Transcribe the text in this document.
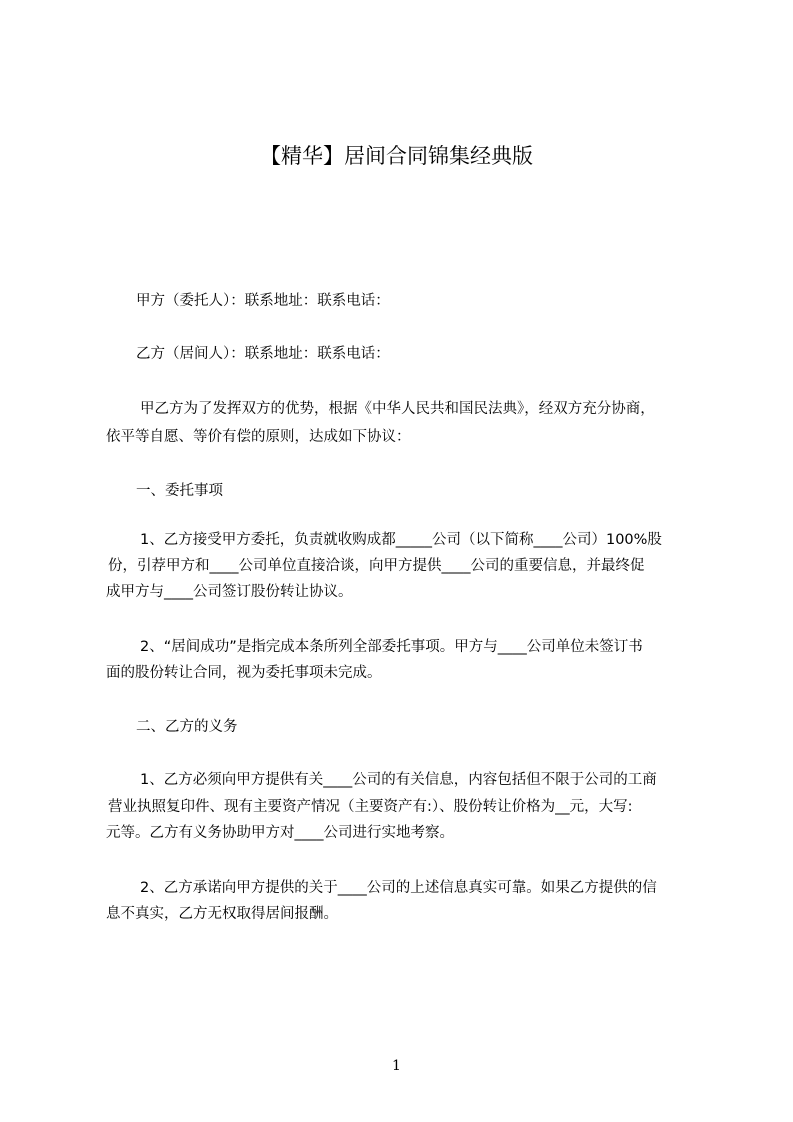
【精华】居间合同锦集经典版
甲方（委托人）：联系地址：联系电话：
乙方（居间人）：联系地址：联系电话：
甲乙方为了发挥双方的优势，根据《中华人民共和国民法典》，经双方充分协商，
依平等自愿、等价有偿的原则，达成如下协议：
一、委托事项
1、乙方接受甲方委托，负责就收购成都_____公司（以下简称____公司）100%股
份，引荐甲方和____公司单位直接洽谈，向甲方提供____公司的重要信息，并最终促
成甲方与____公司签订股份转让协议。
2、“居间成功”是指完成本条所列全部委托事项。甲方与____公司单位未签订书
面的股份转让合同，视为委托事项未完成。
二、乙方的义务
1、乙方必须向甲方提供有关____公司的有关信息，内容包括但不限于公司的工商
营业执照复印件、现有主要资产情况（主要资产有:）、股份转让价格为__元，大写:
元等。乙方有义务协助甲方对____公司进行实地考察。
2、乙方承诺向甲方提供的关于____公司的上述信息真实可靠。如果乙方提供的信
息不真实，乙方无权取得居间报酬。
1
